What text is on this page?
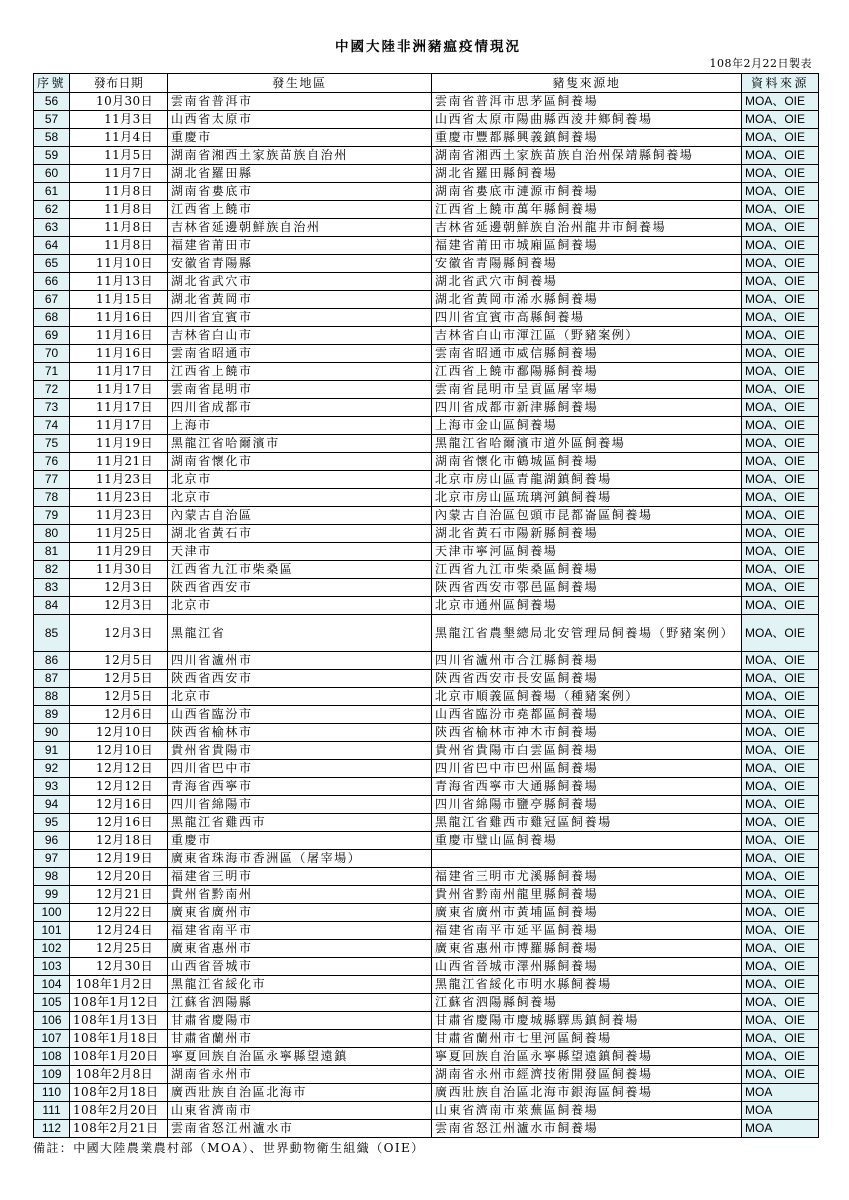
中國大陸非洲豬瘟疫情現況
108年2月22日製表
序號	發布日期	發生地區	豬隻來源地	資料來源
56	10月30日	雲南省普洱市	雲南省普洱市思茅區飼養場	MOA、OIE
57	11月3日	山西省太原市	山西省太原市陽曲縣西淩井鄉飼養場	MOA、OIE
58	11月4日	重慶市	重慶市豐都縣興義鎮飼養場	MOA、OIE
59	11月5日	湖南省湘西土家族苗族自治州	湖南省湘西土家族苗族自治州保靖縣飼養場	MOA、OIE
60	11月7日	湖北省羅田縣	湖北省羅田縣飼養場	MOA、OIE
61	11月8日	湖南省婁底市	湖南省婁底市漣源市飼養場	MOA、OIE
62	11月8日	江西省上饒市	江西省上饒市萬年縣飼養場	MOA、OIE
63	11月8日	吉林省延邊朝鮮族自治州	吉林省延邊朝鮮族自治州龍井市飼養場	MOA、OIE
64	11月8日	福建省莆田市	福建省莆田市城廂區飼養場	MOA、OIE
65	11月10日	安徽省青陽縣	安徽省青陽縣飼養場	MOA、OIE
66	11月13日	湖北省武穴市	湖北省武穴市飼養場	MOA、OIE
67	11月15日	湖北省黃岡市	湖北省黃岡市浠水縣飼養場	MOA、OIE
68	11月16日	四川省宜賓市	四川省宜賓市高縣飼養場	MOA、OIE
69	11月16日	吉林省白山市	吉林省白山市渾江區（野豬案例）	MOA、OIE
70	11月16日	雲南省昭通市	雲南省昭通市威信縣飼養場	MOA、OIE
71	11月17日	江西省上饒市	江西省上饒市鄱陽縣飼養場	MOA、OIE
72	11月17日	雲南省昆明市	雲南省昆明市呈貢區屠宰場	MOA、OIE
73	11月17日	四川省成都市	四川省成都市新津縣飼養場	MOA、OIE
74	11月17日	上海市	上海市金山區飼養場	MOA、OIE
75	11月19日	黑龍江省哈爾濱市	黑龍江省哈爾濱市道外區飼養場	MOA、OIE
76	11月21日	湖南省懷化市	湖南省懷化市鶴城區飼養場	MOA、OIE
77	11月23日	北京市	北京市房山區青龍湖鎮飼養場	MOA、OIE
78	11月23日	北京市	北京市房山區琉璃河鎮飼養場	MOA、OIE
79	11月23日	內蒙古自治區	內蒙古自治區包頭市昆都崙區飼養場	MOA、OIE
80	11月25日	湖北省黃石市	湖北省黃石市陽新縣飼養場	MOA、OIE
81	11月29日	天津市	天津市寧河區飼養場	MOA、OIE
82	11月30日	江西省九江市柴桑區	江西省九江市柴桑區飼養場	MOA、OIE
83	12月3日	陝西省西安市	陝西省西安市鄠邑區飼養場	MOA、OIE
84	12月3日	北京市	北京市通州區飼養場	MOA、OIE
85	12月3日	黑龍江省	黑龍江省農墾總局北安管理局飼養場（野豬案例）	MOA、OIE
86	12月5日	四川省瀘州市	四川省瀘州市合江縣飼養場	MOA、OIE
87	12月5日	陝西省西安市	陝西省西安市長安區飼養場	MOA、OIE
88	12月5日	北京市	北京市順義區飼養場（種豬案例）	MOA、OIE
89	12月6日	山西省臨汾市	山西省臨汾市堯都區飼養場	MOA、OIE
90	12月10日	陝西省榆林市	陝西省榆林市神木市飼養場	MOA、OIE
91	12月10日	貴州省貴陽市	貴州省貴陽市白雲區飼養場	MOA、OIE
92	12月12日	四川省巴中市	四川省巴中市巴州區飼養場	MOA、OIE
93	12月12日	青海省西寧市	青海省西寧市大通縣飼養場	MOA、OIE
94	12月16日	四川省綿陽市	四川省綿陽市鹽亭縣飼養場	MOA、OIE
95	12月16日	黑龍江省雞西市	黑龍江省雞西市雞冠區飼養場	MOA、OIE
96	12月18日	重慶市	重慶市璧山區飼養場	MOA、OIE
97	12月19日	廣東省珠海市香洲區（屠宰場）		MOA、OIE
98	12月20日	福建省三明市	福建省三明市尤溪縣飼養場	MOA、OIE
99	12月21日	貴州省黔南州	貴州省黔南州龍里縣飼養場	MOA、OIE
100	12月22日	廣東省廣州市	廣東省廣州市黃埔區飼養場	MOA、OIE
101	12月24日	福建省南平市	福建省南平市延平區飼養場	MOA、OIE
102	12月25日	廣東省惠州市	廣東省惠州市博羅縣飼養場	MOA、OIE
103	12月30日	山西省晉城市	山西省晉城市澤州縣飼養場	MOA、OIE
104	108年1月2日	黑龍江省綏化市	黑龍江省綏化市明水縣飼養場	MOA、OIE
105	108年1月12日	江蘇省泗陽縣	江蘇省泗陽縣飼養場	MOA、OIE
106	108年1月13日	甘肅省慶陽市	甘肅省慶陽市慶城縣驛馬鎮飼養場	MOA、OIE
107	108年1月18日	甘肅省蘭州市	甘肅省蘭州市七里河區飼養場	MOA、OIE
108	108年1月20日	寧夏回族自治區永寧縣望遠鎮	寧夏回族自治區永寧縣望遠鎮飼養場	MOA、OIE
109	108年2月8日	湖南省永州市	湖南省永州市經濟技術開發區飼養場	MOA、OIE
110	108年2月18日	廣西壯族自治區北海市	廣西壯族自治區北海市銀海區飼養場	MOA
111	108年2月20日	山東省濟南市	山東省濟南市萊蕪區飼養場	MOA
112	108年2月21日	雲南省怒江州瀘水市	雲南省怒江州瀘水市飼養場	MOA
備註：中國大陸農業農村部（MOA）、世界動物衛生組織（OIE）
